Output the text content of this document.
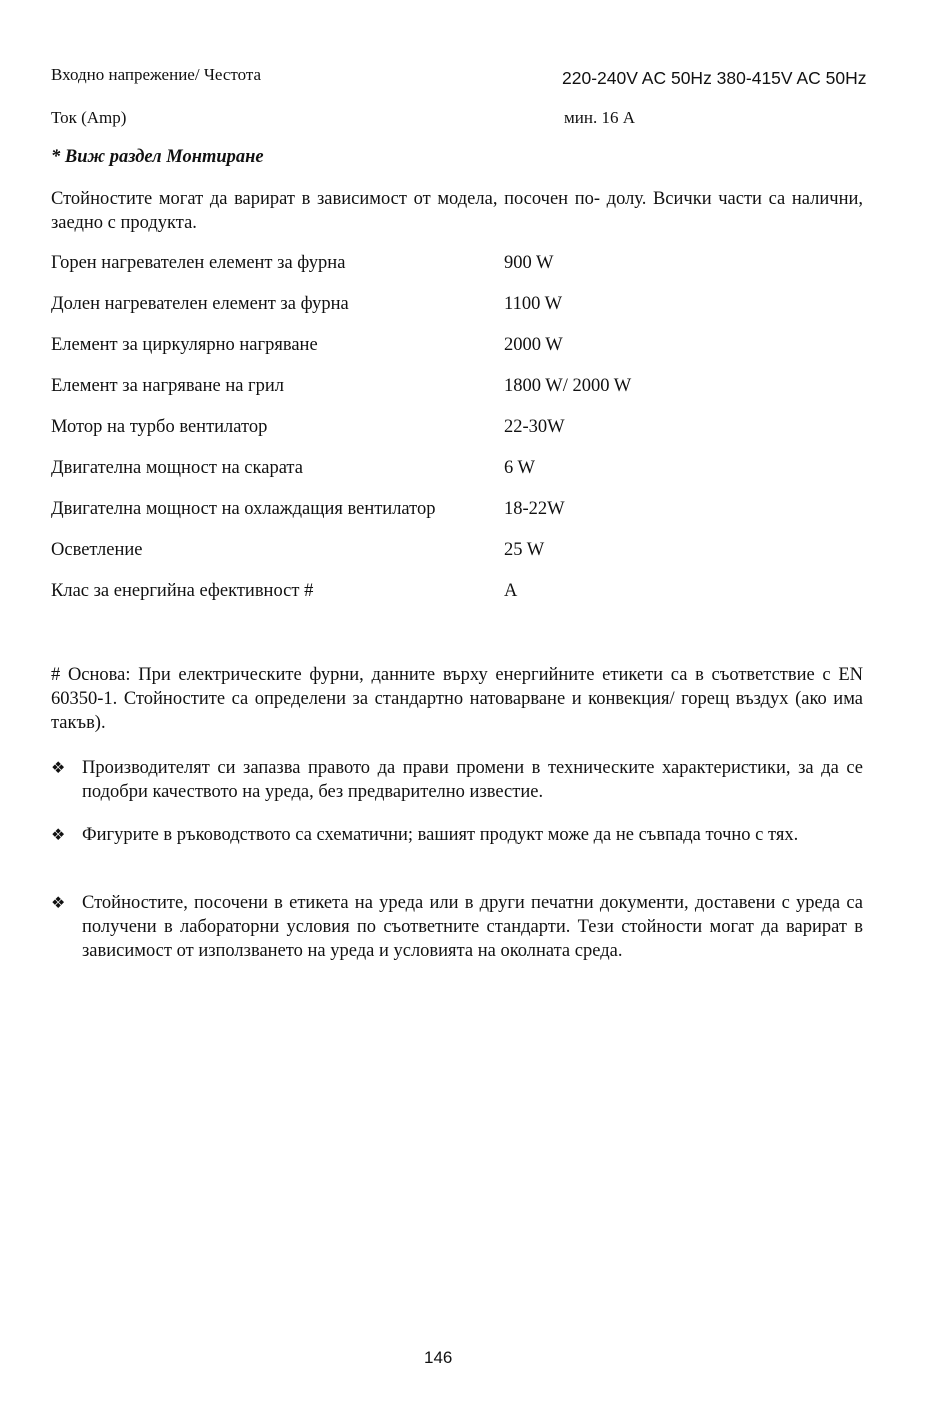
Входно напрежение/ Честота	220-240V AC 50Hz 380-415V AC 50Hz
Ток (Amp)	мин. 16 А
* Виж раздел Монтиране
Стойностите могат да варират в зависимост от модела, посочен по- долу. Всички части са налични, заедно с продукта.
Горен нагревателен елемент за фурна	900 W
Долен нагревателен елемент за фурна	1100 W
Елемент за циркулярно нагряване	2000 W
Елемент за нагряване на грил	1800 W/ 2000 W
Мотор на турбо вентилатор	22-30W
Двигателна мощност на скарата	6 W
Двигателна мощност на охлаждащия вентилатор	18-22W
Осветление	25 W
Клас за енергийна ефективност #	A
# Основа: При електрическите фурни, данните върху енергийните етикети са в съответствие с EN 60350-1. Стойностите са определени за стандартно натоварване и конвекция/ горещ въздух (ако има такъв).
❖ Производителят си запазва правото да прави промени в техническите характеристики, за да се подобри качеството на уреда, без предварително известие.
❖ Фигурите в ръководството са схематични; вашият продукт може да не съвпада точно с тях.
❖ Стойностите, посочени в етикета на уреда или в други печатни документи, доставени с уреда са получени в лабораторни условия по съответните стандарти. Тези стойности могат да варират в зависимост от използването на уреда и условията на околната среда.
146
